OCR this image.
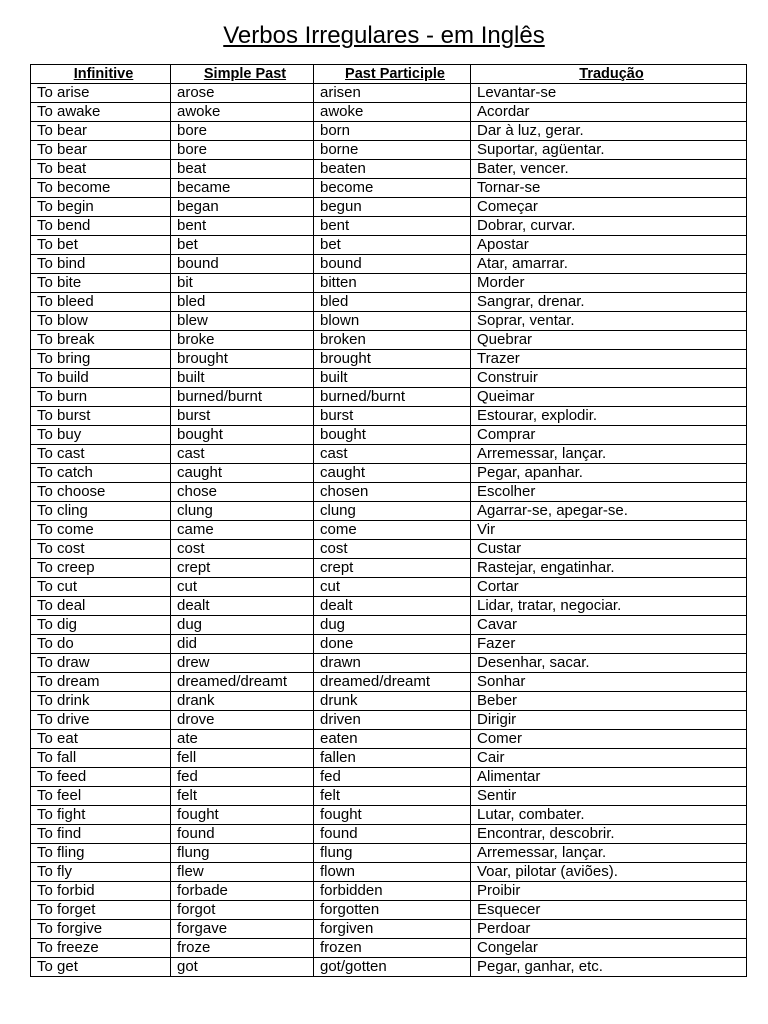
Verbos Irregulares - em Inglês
Infinitive	Simple Past	Past Participle	Tradução
To arise	arose	arisen	Levantar-se
To awake	awoke	awoke	Acordar
To bear	bore	born	Dar à luz, gerar.
To bear	bore	borne	Suportar, agüentar.
To beat	beat	beaten	Bater, vencer.
To become	became	become	Tornar-se
To begin	began	begun	Começar
To bend	bent	bent	Dobrar, curvar.
To bet	bet	bet	Apostar
To bind	bound	bound	Atar, amarrar.
To bite	bit	bitten	Morder
To bleed	bled	bled	Sangrar, drenar.
To blow	blew	blown	Soprar, ventar.
To break	broke	broken	Quebrar
To bring	brought	brought	Trazer
To build	built	built	Construir
To burn	burned/burnt	burned/burnt	Queimar
To burst	burst	burst	Estourar, explodir.
To buy	bought	bought	Comprar
To cast	cast	cast	Arremessar, lançar.
To catch	caught	caught	Pegar, apanhar.
To choose	chose	chosen	Escolher
To cling	clung	clung	Agarrar-se, apegar-se.
To come	came	come	Vir
To cost	cost	cost	Custar
To creep	crept	crept	Rastejar, engatinhar.
To cut	cut	cut	Cortar
To deal	dealt	dealt	Lidar, tratar, negociar.
To dig	dug	dug	Cavar
To do	did	done	Fazer
To draw	drew	drawn	Desenhar, sacar.
To dream	dreamed/dreamt	dreamed/dreamt	Sonhar
To drink	drank	drunk	Beber
To drive	drove	driven	Dirigir
To eat	ate	eaten	Comer
To fall	fell	fallen	Cair
To feed	fed	fed	Alimentar
To feel	felt	felt	Sentir
To fight	fought	fought	Lutar, combater.
To find	found	found	Encontrar, descobrir.
To fling	flung	flung	Arremessar, lançar.
To fly	flew	flown	Voar, pilotar (aviões).
To forbid	forbade	forbidden	Proibir
To forget	forgot	forgotten	Esquecer
To forgive	forgave	forgiven	Perdoar
To freeze	froze	frozen	Congelar
To get	got	got/gotten	Pegar, ganhar, etc.
